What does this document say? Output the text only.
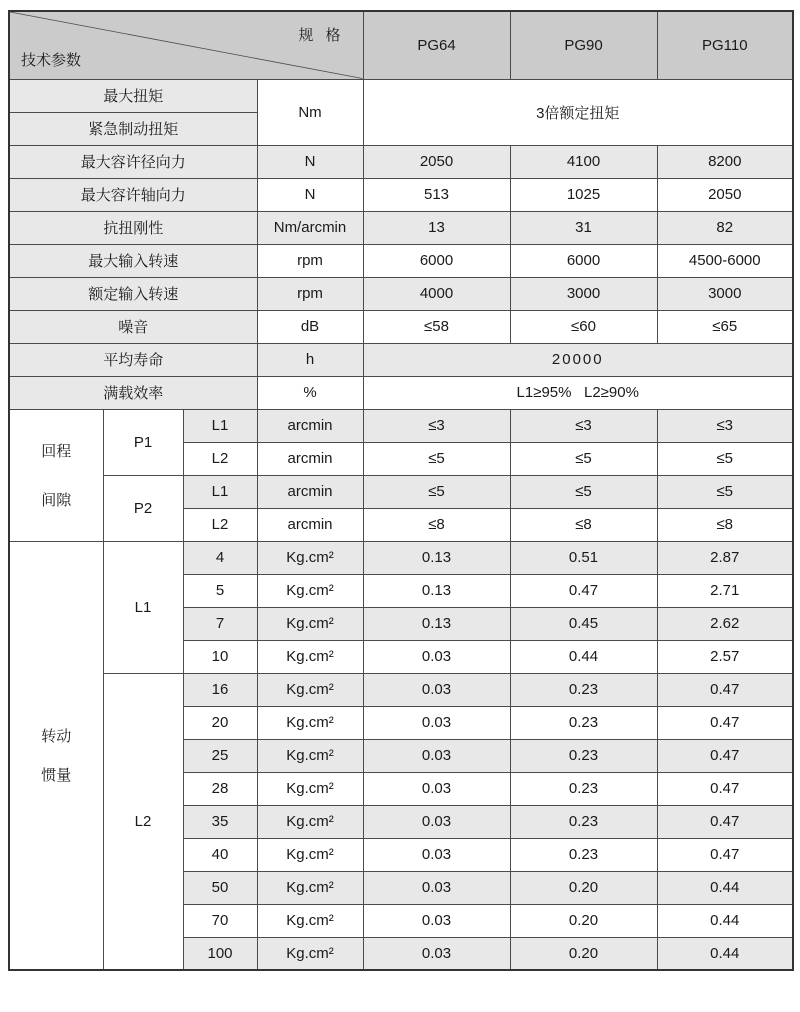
规 格
技术参数				PG64	PG90	PG110
最大扭矩			Nm	3倍额定扭矩		
紧急制动扭矩						
最大容许径向力			N	2050	4100	8200
最大容许轴向力			N	513	1025	2050
抗扭刚性			Nm/arcmin	13	31	82
最大输入转速			rpm	6000	6000	4500-6000
额定输入转速			rpm	4000	3000	3000
噪音			dB	≤58	≤60	≤65
平均寿命			h	20000		
满载效率			%	L1≥95%   L2≥90%		

回程
间隙	P1	L1	arcmin	≤3	≤3	≤3
		L2	arcmin	≤5	≤5	≤5
	P2	L1	arcmin	≤5	≤5	≤5
		L2	arcmin	≤8	≤8	≤8

转动
惯量	L1	4	Kg.cm²	0.13	0.51	2.87
		5	Kg.cm²	0.13	0.47	2.71
		7	Kg.cm²	0.13	0.45	2.62
		10	Kg.cm²	0.03	0.44	2.57
	L2	16	Kg.cm²	0.03	0.23	0.47
		20	Kg.cm²	0.03	0.23	0.47
		25	Kg.cm²	0.03	0.23	0.47
		28	Kg.cm²	0.03	0.23	0.47
		35	Kg.cm²	0.03	0.23	0.47
		40	Kg.cm²	0.03	0.23	0.47
		50	Kg.cm²	0.03	0.20	0.44
		70	Kg.cm²	0.03	0.20	0.44
		100	Kg.cm²	0.03	0.20	0.44
